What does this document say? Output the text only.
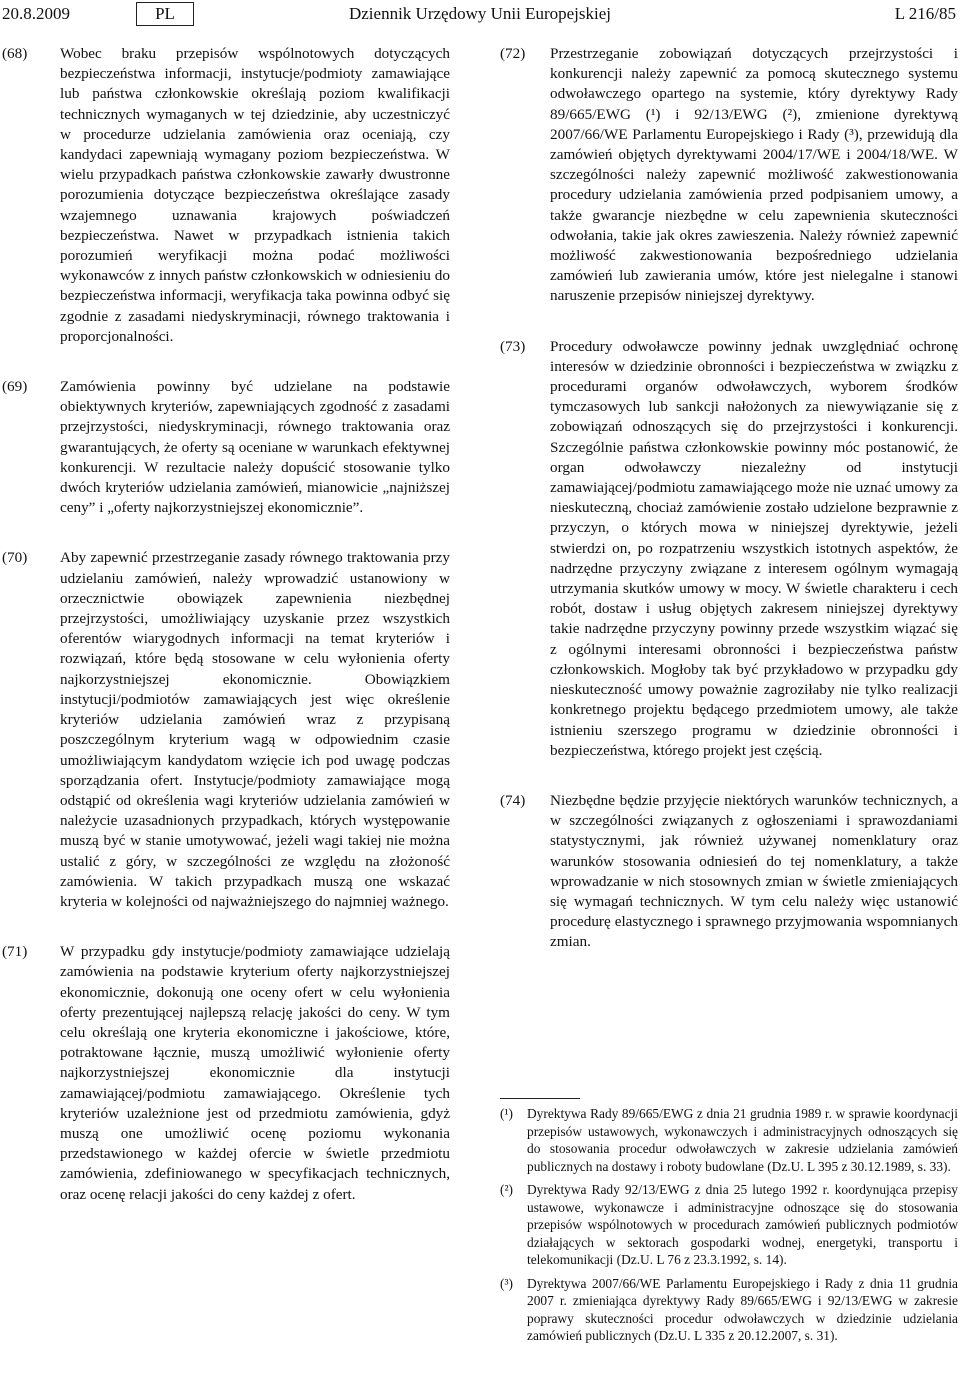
20.8.2009	PL	Dziennik Urzędowy Unii Europejskiej	L 216/85
(68) Wobec braku przepisów wspólnotowych dotyczących bezpieczeństwa informacji, instytucje/podmioty zamawiające lub państwa członkowskie określają poziom kwalifikacji technicznych wymaganych w tej dziedzinie, aby uczestniczyć w procedurze udzielania zamówienia oraz oceniają, czy kandydaci zapewniają wymagany poziom bezpieczeństwa. W wielu przypadkach państwa członkowskie zawarły dwustronne porozumienia dotyczące bezpieczeństwa określające zasady wzajemnego uznawania krajowych poświadczeń bezpieczeństwa. Nawet w przypadkach istnienia takich porozumień weryfikacji można podać możliwości wykonawców z innych państw członkowskich w odniesieniu do bezpieczeństwa informacji, weryfikacja taka powinna odbyć się zgodnie z zasadami niedyskryminacji, równego traktowania i proporcjonalności.
(69) Zamówienia powinny być udzielane na podstawie obiektywnych kryteriów, zapewniających zgodność z zasadami przejrzystości, niedyskryminacji, równego traktowania oraz gwarantujących, że oferty są oceniane w warunkach efektywnej konkurencji. W rezultacie należy dopuścić stosowanie tylko dwóch kryteriów udzielania zamówień, mianowicie „najniższej ceny” i „oferty najkorzystniejszej ekonomicznie”.
(70) Aby zapewnić przestrzeganie zasady równego traktowania przy udzielaniu zamówień, należy wprowadzić ustanowiony w orzecznictwie obowiązek zapewnienia niezbędnej przejrzystości, umożliwiający uzyskanie przez wszystkich oferentów wiarygodnych informacji na temat kryteriów i rozwiązań, które będą stosowane w celu wyłonienia oferty najkorzystniejszej ekonomicznie. Obowiązkiem instytucji/podmiotów zamawiających jest więc określenie kryteriów udzielania zamówień wraz z przypisaną poszczególnym kryterium wagą w odpowiednim czasie umożliwiającym kandydatom wzięcie ich pod uwagę podczas sporządzania ofert. Instytucje/podmioty zamawiające mogą odstąpić od określenia wagi kryteriów udzielania zamówień w należycie uzasadnionych przypadkach, których występowanie muszą być w stanie umotywować, jeżeli wagi takiej nie można ustalić z góry, w szczególności ze względu na złożoność zamówienia. W takich przypadkach muszą one wskazać kryteria w kolejności od najważniejszego do najmniej ważnego.
(71) W przypadku gdy instytucje/podmioty zamawiające udzielają zamówienia na podstawie kryterium oferty najkorzystniejszej ekonomicznie, dokonują one oceny ofert w celu wyłonienia oferty prezentującej najlepszą relację jakości do ceny. W tym celu określają one kryteria ekonomiczne i jakościowe, które, potraktowane łącznie, muszą umożliwić wyłonienie oferty najkorzystniejszej ekonomicznie dla instytucji zamawiającej/podmiotu zamawiającego. Określenie tych kryteriów uzależnione jest od przedmiotu zamówienia, gdyż muszą one umożliwić ocenę poziomu wykonania przedstawionego w każdej ofercie w świetle przedmiotu zamówienia, zdefiniowanego w specyfikacjach technicznych, oraz ocenę relacji jakości do ceny każdej z ofert.
(72) Przestrzeganie zobowiązań dotyczących przejrzystości i konkurencji należy zapewnić za pomocą skutecznego systemu odwoławczego opartego na systemie, który dyrektywy Rady 89/665/EWG (¹) i 92/13/EWG (²), zmienione dyrektywą 2007/66/WE Parlamentu Europejskiego i Rady (³), przewidują dla zamówień objętych dyrektywami 2004/17/WE i 2004/18/WE. W szczególności należy zapewnić możliwość zakwestionowania procedury udzielania zamówienia przed podpisaniem umowy, a także gwarancje niezbędne w celu zapewnienia skuteczności odwołania, takie jak okres zawieszenia. Należy również zapewnić możliwość zakwestionowania bezpośredniego udzielania zamówień lub zawierania umów, które jest nielegalne i stanowi naruszenie przepisów niniejszej dyrektywy.
(73) Procedury odwoławcze powinny jednak uwzględniać ochronę interesów w dziedzinie obronności i bezpieczeństwa w związku z procedurami organów odwoławczych, wyborem środków tymczasowych lub sankcji nałożonych za niewywiązanie się z zobowiązań odnoszących się do przejrzystości i konkurencji. Szczególnie państwa członkowskie powinny móc postanowić, że organ odwoławczy niezależny od instytucji zamawiającej/podmiotu zamawiającego może nie uznać umowy za nieskuteczną, chociaż zamówienie zostało udzielone bezprawnie z przyczyn, o których mowa w niniejszej dyrektywie, jeżeli stwierdzi on, po rozpatrzeniu wszystkich istotnych aspektów, że nadrzędne przyczyny związane z interesem ogólnym wymagają utrzymania skutków umowy w mocy. W świetle charakteru i cech robót, dostaw i usług objętych zakresem niniejszej dyrektywy takie nadrzędne przyczyny powinny przede wszystkim wiązać się z ogólnymi interesami obronności i bezpieczeństwa państw członkowskich. Mogłoby tak być przykładowo w przypadku gdy nieskuteczność umowy poważnie zagroziłaby nie tylko realizacji konkretnego projektu będącego przedmiotem umowy, ale także istnieniu szerszego programu w dziedzinie obronności i bezpieczeństwa, którego projekt jest częścią.
(74) Niezbędne będzie przyjęcie niektórych warunków technicznych, a w szczególności związanych z ogłoszeniami i sprawozdaniami statystycznymi, jak również używanej nomenklatury oraz warunków stosowania odniesień do tej nomenklatury, a także wprowadzanie w nich stosownych zmian w świetle zmieniających się wymagań technicznych. W tym celu należy więc ustanowić procedurę elastycznego i sprawnego przyjmowania wspomnianych zmian.
(¹) Dyrektywa Rady 89/665/EWG z dnia 21 grudnia 1989 r. w sprawie koordynacji przepisów ustawowych, wykonawczych i administracyjnych odnoszących się do stosowania procedur odwoławczych w zakresie udzielania zamówień publicznych na dostawy i roboty budowlane (Dz.U. L 395 z 30.12.1989, s. 33).
(²) Dyrektywa Rady 92/13/EWG z dnia 25 lutego 1992 r. koordynująca przepisy ustawowe, wykonawcze i administracyjne odnoszące się do stosowania przepisów wspólnotowych w procedurach zamówień publicznych podmiotów działających w sektorach gospodarki wodnej, energetyki, transportu i telekomunikacji (Dz.U. L 76 z 23.3.1992, s. 14).
(³) Dyrektywa 2007/66/WE Parlamentu Europejskiego i Rady z dnia 11 grudnia 2007 r. zmieniająca dyrektywy Rady 89/665/EWG i 92/13/EWG w zakresie poprawy skuteczności procedur odwoławczych w dziedzinie udzielania zamówień publicznych (Dz.U. L 335 z 20.12.2007, s. 31).
